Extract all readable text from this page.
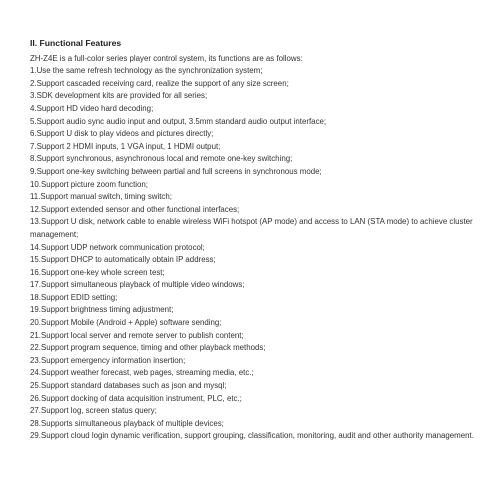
II. Functional Features
ZH-Z4E is a full-color series player control system, its functions are as follows:
1.Use the same refresh technology as the synchronization system;
2.Support cascaded receiving card, realize the support of any size screen;
3.SDK development kits are provided for all series;
4.Support HD video hard decoding;
5.Support audio sync audio input and output, 3.5mm standard audio output interface;
6.Support U disk to play videos and pictures directly;
7.Support 2 HDMI inputs, 1 VGA input, 1 HDMI output;
8.Support synchronous, asynchronous local and remote one-key switching;
9.Support one-key switching between partial and full screens in synchronous mode;
10.Support picture zoom function;
11.Support manual switch, timing switch;
12.Support extended sensor and other functional interfaces;
13.Support U disk, network cable to enable wireless WiFi hotspot (AP mode) and access to LAN (STA mode) to achieve cluster management;
14.Support UDP network communication protocol;
15.Support DHCP to automatically obtain IP address;
16.Support one-key whole screen test;
17.Support simultaneous playback of multiple video windows;
18.Support EDID setting;
19.Support brightness timing adjustment;
20.Support Mobile (Android + Apple) software sending;
21.Support local server and remote server to publish content;
22.Support program sequence, timing and other playback methods;
23.Support emergency information insertion;
24.Support weather forecast, web pages, streaming media, etc.;
25.Support standard databases such as json and mysql;
26.Support docking of data acquisition instrument, PLC, etc.;
27.Support log, screen status query;
28.Supports simultaneous playback of multiple devices;
29.Support cloud login dynamic verification, support grouping, classification, monitoring, audit and other authority management.
